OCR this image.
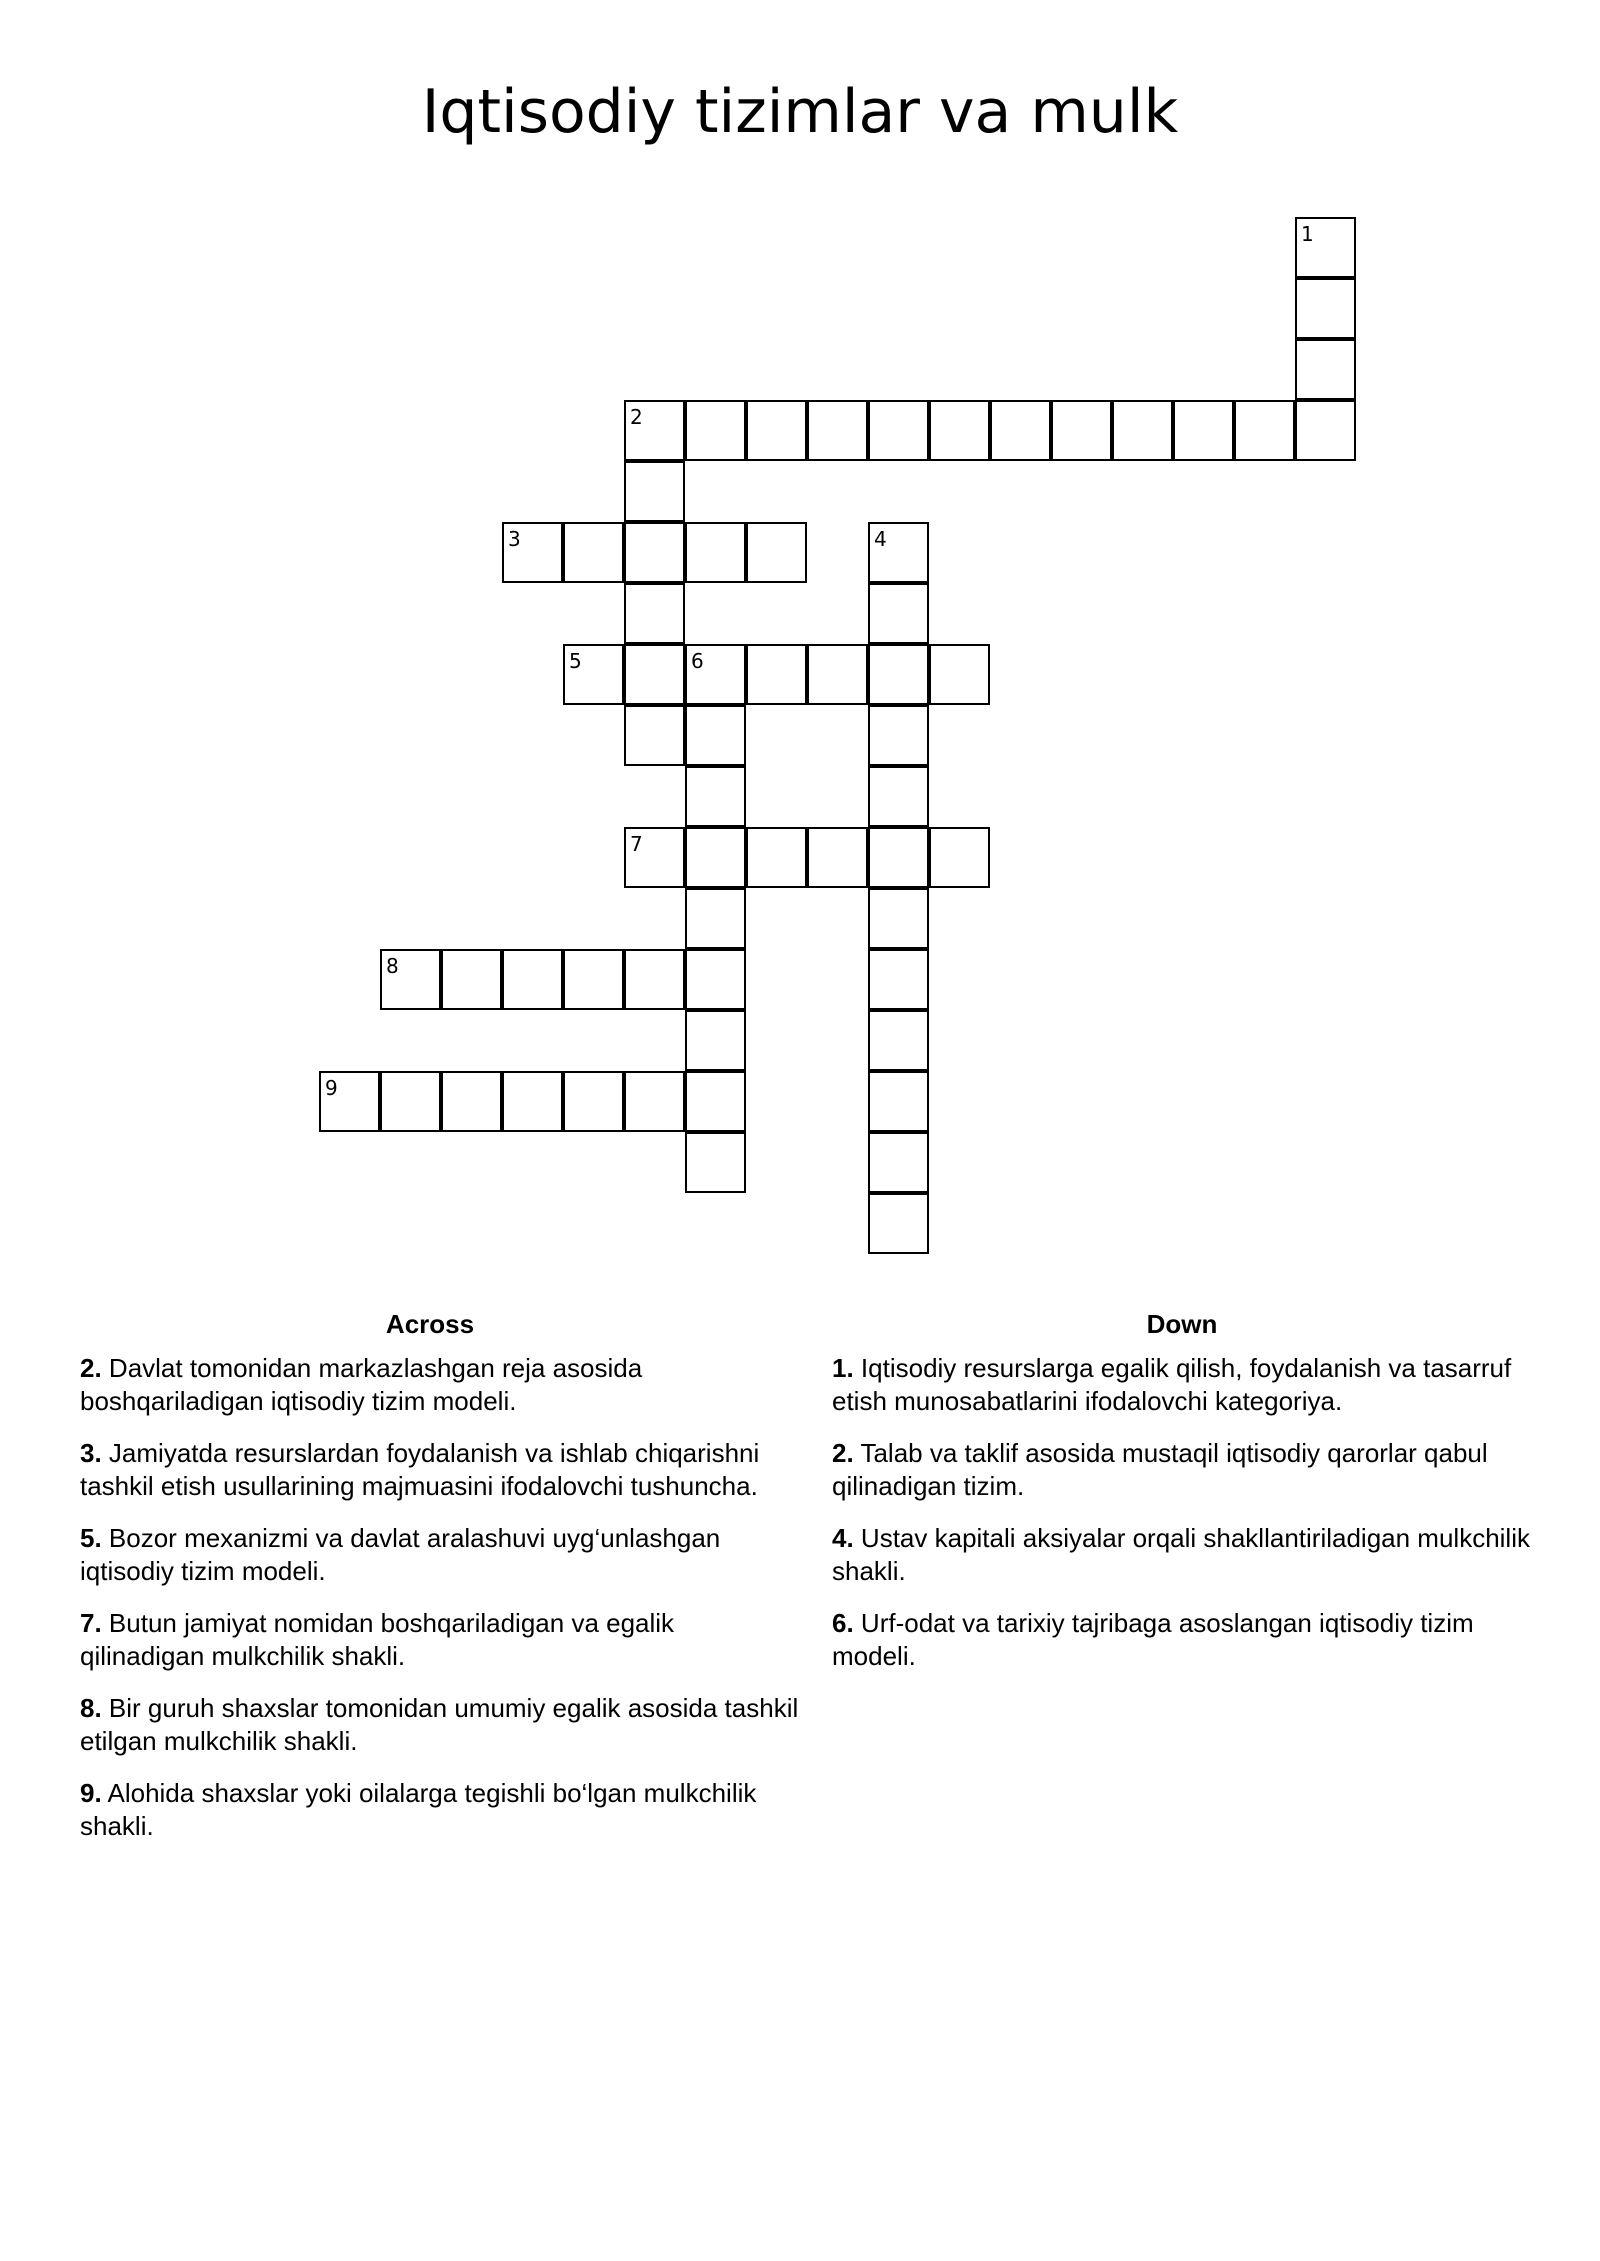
Iqtisodiy tizimlar va mulk
1
2
3	4
5	6
7
8
9
Across	Down
2. Davlat tomonidan markazlashgan reja asosida boshqariladigan iqtisodiy tizim modeli.
3. Jamiyatda resurslardan foydalanish va ishlab chiqarishni tashkil etish usullarining majmuasini ifodalovchi tushuncha.
5. Bozor mexanizmi va davlat aralashuvi uyg‘unlashgan iqtisodiy tizim modeli.
7. Butun jamiyat nomidan boshqariladigan va egalik qilinadigan mulkchilik shakli.
8. Bir guruh shaxslar tomonidan umumiy egalik asosida tashkil etilgan mulkchilik shakli.
9. Alohida shaxslar yoki oilalarga tegishli bo‘lgan mulkchilik shakli.
1. Iqtisodiy resurslarga egalik qilish, foydalanish va tasarruf etish munosabatlarini ifodalovchi kategoriya.
2. Talab va taklif asosida mustaqil iqtisodiy qarorlar qabul qilinadigan tizim.
4. Ustav kapitali aksiyalar orqali shakllantiriladigan mulkchilik shakli.
6. Urf-odat va tarixiy tajribaga asoslangan iqtisodiy tizim modeli.
